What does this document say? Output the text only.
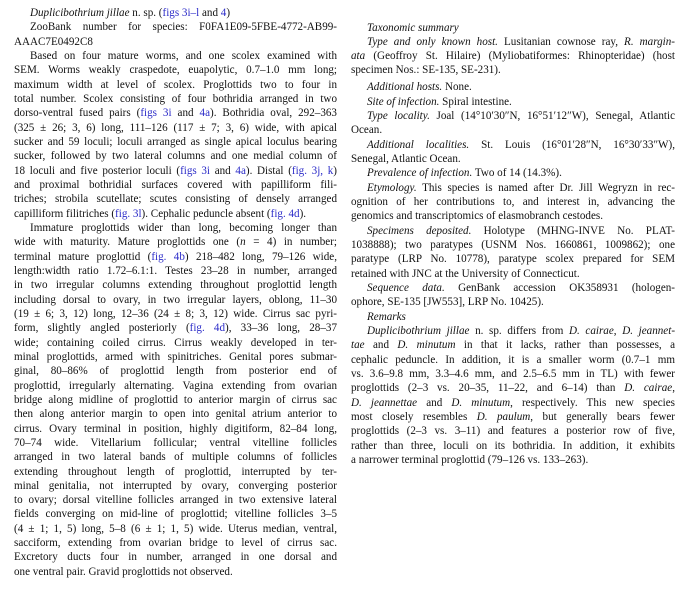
Duplicibothrium jillae n. sp. (figs 3i–l and 4)
ZooBank number for species: F0FA1E09-5FBE-4772-AB99-
AAAC7E0492C8
Based on four mature worms, and one scolex examined with
SEM. Worms weakly craspedote, euapolytic, 0.7–1.0 mm long;
maximum width at level of scolex. Proglottids two to four in
total number. Scolex consisting of four bothridia arranged in two
dorso-ventral fused pairs (figs 3i and 4a). Bothridia oval, 292–363
(325 ± 26; 3, 6) long, 111–126 (117 ± 7; 3, 6) wide, with apical
sucker and 59 loculi; loculi arranged as single apical loculus bearing
sucker, followed by two lateral columns and one medial column of
18 loculi and five posterior loculi (figs 3i and 4a). Distal (fig. 3j, k)
and proximal bothridial surfaces covered with papilliform fili-
triches; strobila scutellate; scutes consisting of densely arranged
capilliform filitriches (fig. 3l). Cephalic peduncle absent (fig. 4d).
Immature proglottids wider than long, becoming longer than
wide with maturity. Mature proglottids one (n = 4) in number;
terminal mature proglottid (fig. 4b) 218–482 long, 79–126 wide,
length:width ratio 1.72–6.1:1. Testes 23–28 in number, arranged
in two irregular columns extending throughout proglottid length
including dorsal to ovary, in two irregular layers, oblong, 11–30
(19 ± 6; 3, 12) long, 12–36 (24 ± 8; 3, 12) wide. Cirrus sac pyri-
form, slightly angled posteriorly (fig. 4d), 33–36 long, 28–37
wide; containing coiled cirrus. Cirrus weakly developed in ter-
minal proglottids, armed with spinitriches. Genital pores submar-
ginal, 80–86% of proglottid length from posterior end of
proglottid, irregularly alternating. Vagina extending from ovarian
bridge along midline of proglottid to anterior margin of cirrus sac
then along anterior margin to open into genital atrium anterior to
cirrus. Ovary terminal in position, highly digitiform, 82–84 long,
70–74 wide. Vitellarium follicular; ventral vitelline follicles
arranged in two lateral bands of multiple columns of follicles
extending throughout length of proglottid, interrupted by ter-
minal genitalia, not interrupted by ovary, converging posterior
to ovary; dorsal vitelline follicles arranged in two extensive lateral
fields converging on mid-line of proglottid; vitelline follicles 3–5
(4 ± 1; 1, 5) long, 5–8 (6 ± 1; 1, 5) wide. Uterus median, ventral,
sacciform, extending from ovarian bridge to level of cirrus sac.
Excretory ducts four in number, arranged in one dorsal and
one ventral pair. Gravid proglottids not observed.
Taxonomic summary
Type and only known host. Lusitanian cownose ray, R. margin-
ata (Geoffroy St. Hilaire) (Myliobatiformes: Rhinopteridae) (host
specimen Nos.: SE-135, SE-231).
Additional hosts. None.
Site of infection. Spiral intestine.
Type locality. Joal (14°10′30″N, 16°51′12″W), Senegal, Atlantic
Ocean.
Additional localities. St. Louis (16°01′28″N, 16°30′33″W),
Senegal, Atlantic Ocean.
Prevalence of infection. Two of 14 (14.3%).
Etymology. This species is named after Dr. Jill Wegryzn in rec-
ognition of her contributions to, and interest in, advancing the
genomics and transcriptomics of elasmobranch cestodes.
Specimens deposited. Holotype (MHNG-INVE No. PLAT-
1038888); two paratypes (USNM Nos. 1660861, 1009862); one
paratype (LRP No. 10778), paratype scolex prepared for SEM
retained with JNC at the University of Connecticut.
Sequence data. GenBank accession OK358931 (hologen-
ophore, SE-135 [JW553], LRP No. 10425).
Remarks
Duplicibothrium jillae n. sp. differs from D. cairae, D. jeannet-
tae and D. minutum in that it lacks, rather than possesses, a
cephalic peduncle. In addition, it is a smaller worm (0.7–1 mm
vs. 3.6–9.8 mm, 3.3–4.6 mm, and 2.5–6.5 mm in TL) with fewer
proglottids (2–3 vs. 20–35, 11–22, and 6–14) than D. cairae,
D. jeannettae and D. minutum, respectively. This new species
most closely resembles D. paulum, but generally bears fewer
proglottids (2–3 vs. 3–11) and features a posterior row of five,
rather than three, loculi on its bothridia. In addition, it exhibits
a narrower terminal proglottid (79–126 vs. 133–263).
